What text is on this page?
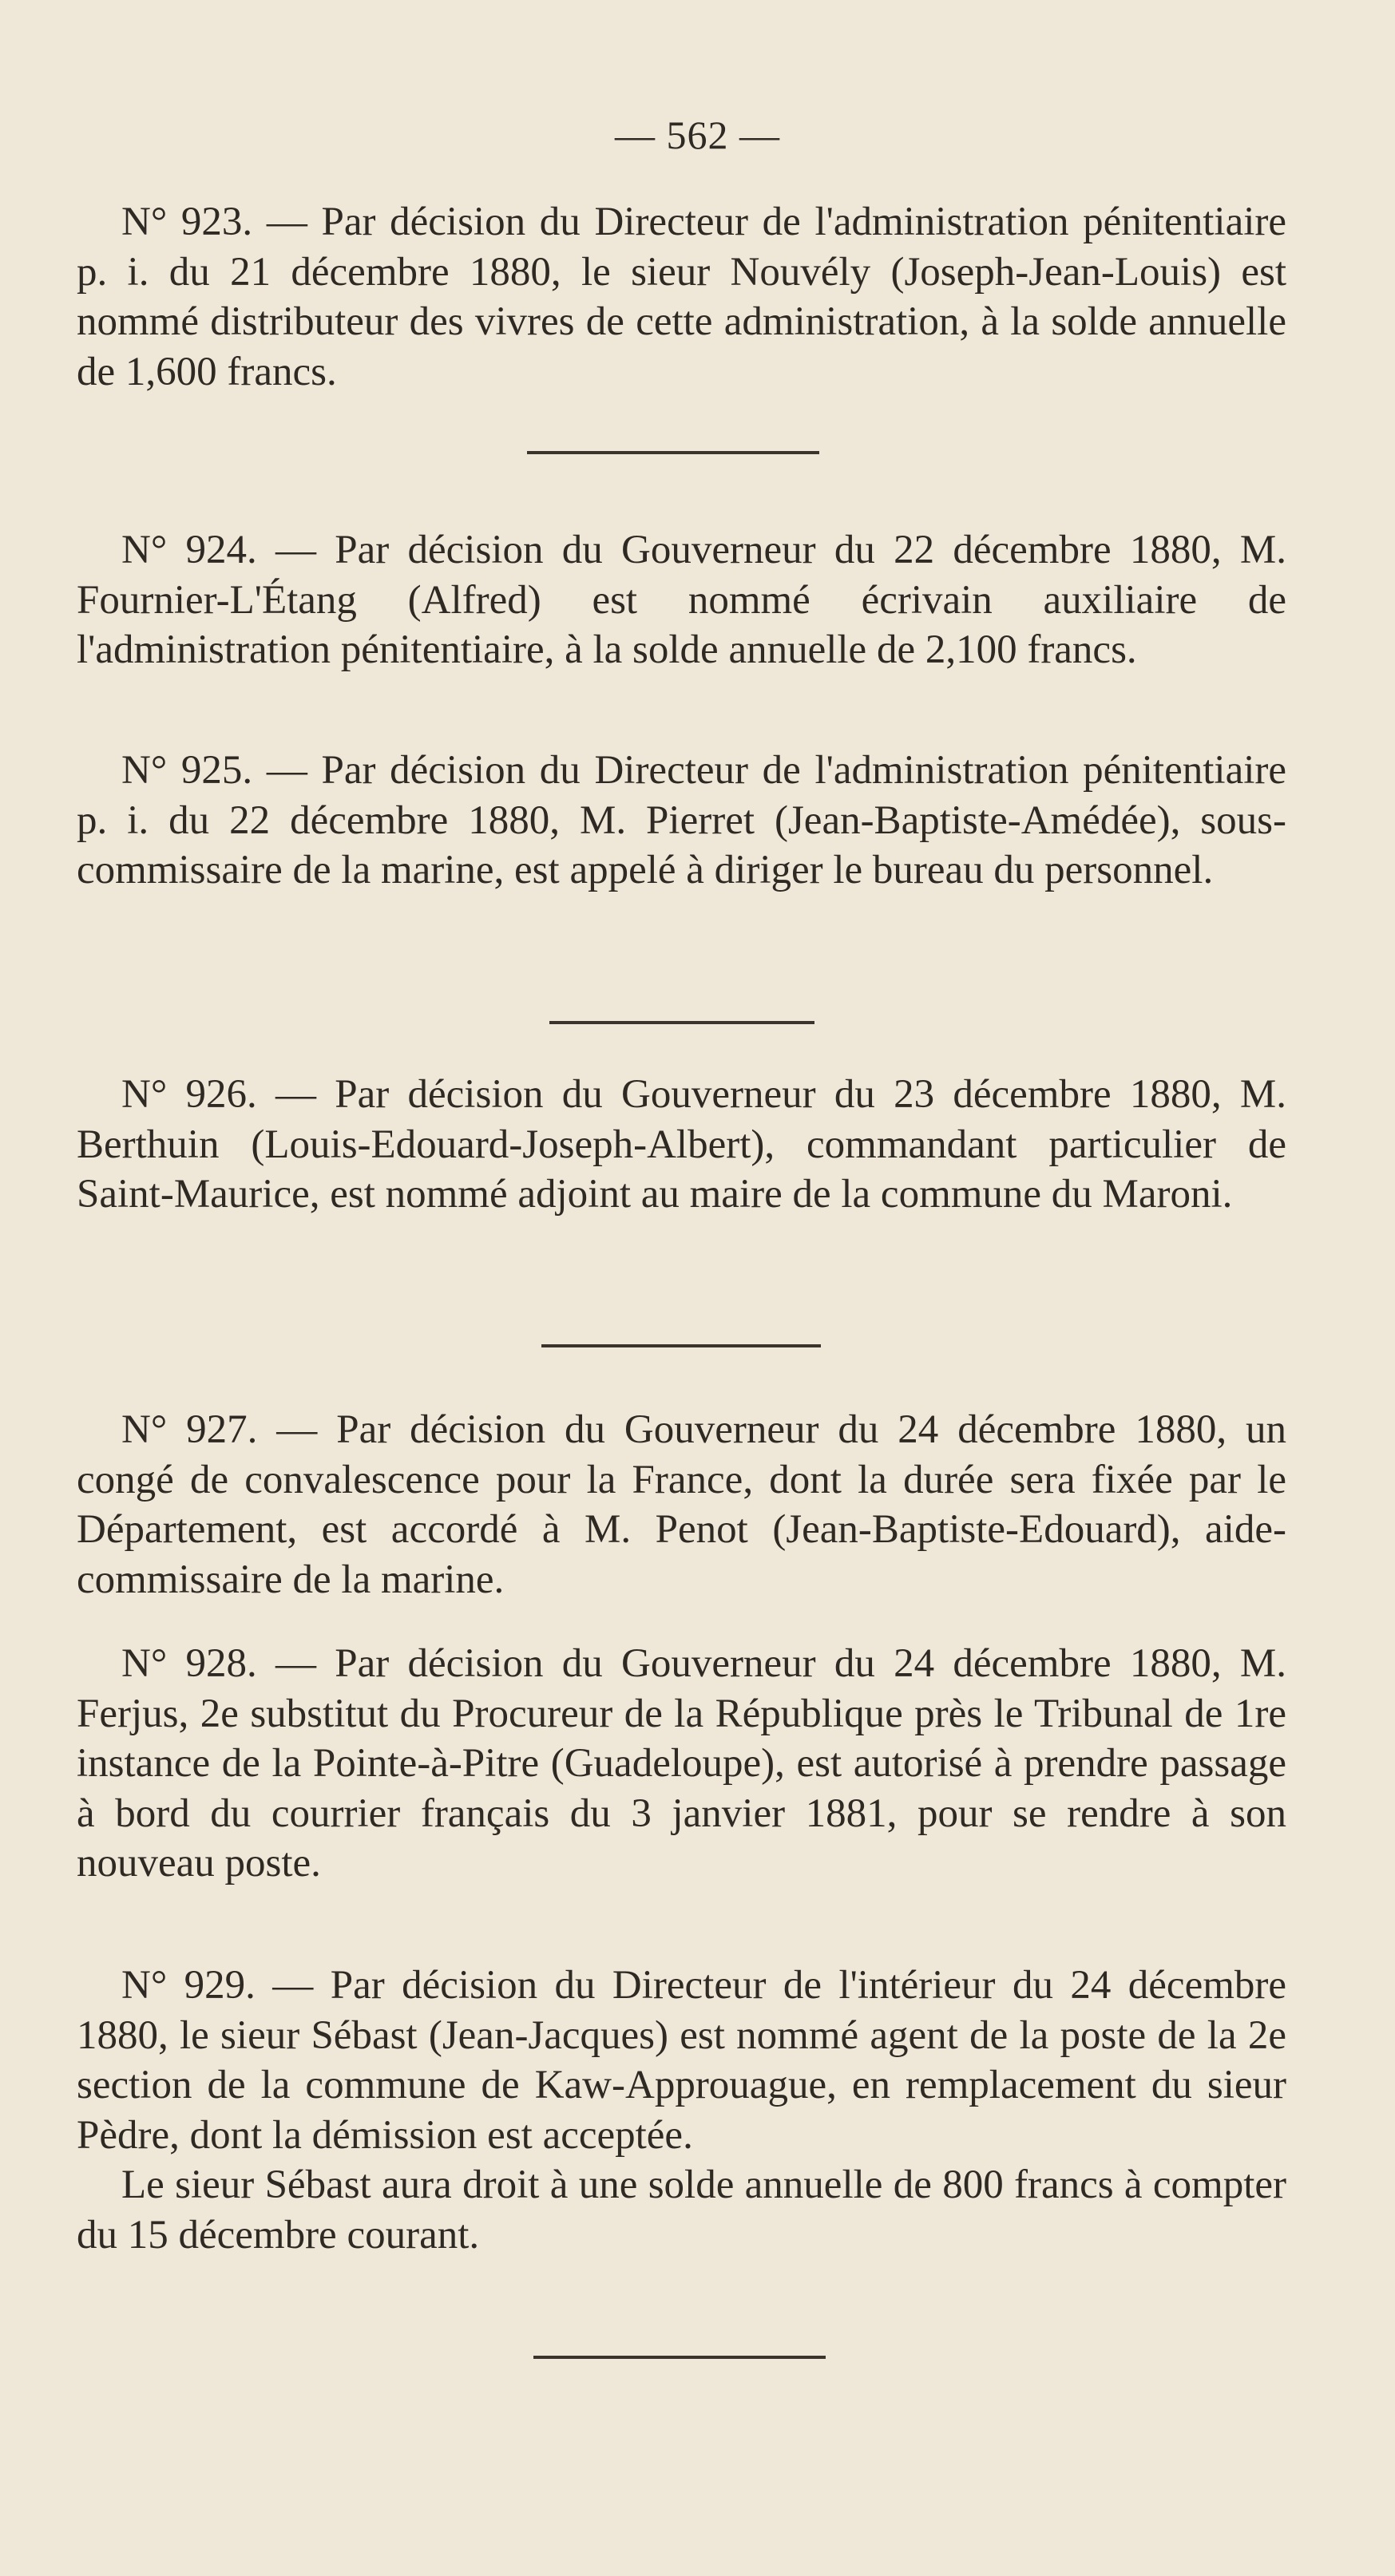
— 562 —

N° 923. — Par décision du Directeur de l'administration pénitentiaire p. i. du 21 décembre 1880, le sieur Nouvély (Joseph-Jean-Louis) est nommé distributeur des vivres de cette administration, à la solde annuelle de 1,600 francs.

N° 924. — Par décision du Gouverneur du 22 décembre 1880, M. Fournier-L'Étang (Alfred) est nommé écrivain auxiliaire de l'administration pénitentiaire, à la solde annuelle de 2,100 francs.

N° 925. — Par décision du Directeur de l'administration pénitentiaire p. i. du 22 décembre 1880, M. Pierret (Jean-Baptiste-Amédée), sous-commissaire de la marine, est appelé à diriger le bureau du personnel.

N° 926. — Par décision du Gouverneur du 23 décembre 1880, M. Berthuin (Louis-Edouard-Joseph-Albert), commandant particulier de Saint-Maurice, est nommé adjoint au maire de la commune du Maroni.

N° 927. — Par décision du Gouverneur du 24 décembre 1880, un congé de convalescence pour la France, dont la durée sera fixée par le Département, est accordé à M. Penot (Jean-Baptiste-Edouard), aide-commissaire de la marine.

N° 928. — Par décision du Gouverneur du 24 décembre 1880, M. Ferjus, 2e substitut du Procureur de la République près le Tribunal de 1re instance de la Pointe-à-Pitre (Guadeloupe), est autorisé à prendre passage à bord du courrier français du 3 janvier 1881, pour se rendre à son nouveau poste.

N° 929. — Par décision du Directeur de l'intérieur du 24 décembre 1880, le sieur Sébast (Jean-Jacques) est nommé agent de la poste de la 2e section de la commune de Kaw-Approuague, en remplacement du sieur Pèdre, dont la démission est acceptée.

Le sieur Sébast aura droit à une solde annuelle de 800 francs à compter du 15 décembre courant.
